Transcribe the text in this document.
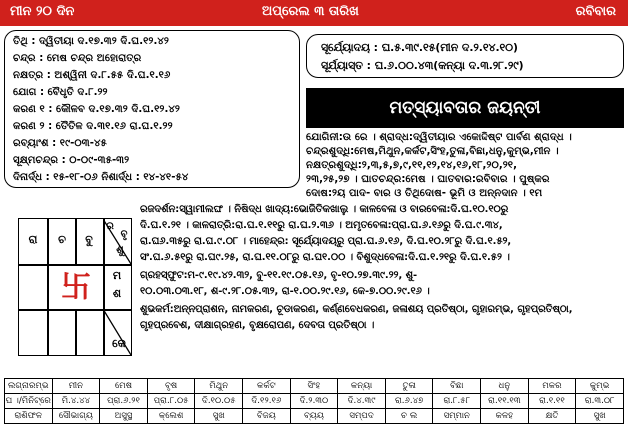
ମୀନ ୨୦ ଦିନ	ଅପ୍ରେଲ ୩ ତାରିଖ	ରବିବାର
ତିଥି : ଦ୍ୱିତୀୟା ଦ.୧୭.୩୨ ଦି.ଘ.୧୨.୪୨
ଚନ୍ଦ୍ର : ମେଷ ଚନ୍ଦ୍ର ଅହୋରାତ୍ର
ନକ୍ଷତ୍ର : ଅଶ୍ୱିନୀ ଦ.୮.୫୫ ଦି.ଘ.୧.୧୬
ଯୋଗ : ବୈଧୃତି ଦ.୮.୨୨
କରଣ ୧ : କୌଳବ ଦ.୧୭.୩୨ ଦି.ଘ.୧୨.୪୨
କରଣ ୨ : ତୈତିଳ ଦ.୩୧.୧୬ ରା.ଘ.୧.୨୨
ରବ୍ୟାଂଶ : ୧୯-୦୩-୪୫
ସୂକ୍ଷ୍ମଚନ୍ଦ୍ର : ୦-୦୯-୩୫-୩୨
ଦିନାର୍ଦ୍ଧ : ୧୫-୧୮-୦୬ ନିଶାର୍ଦ୍ଧ : ୧୪-୪୧-୫୪
ସୂର୍ଯ୍ୟୋଦୟ : ଘ.୫.୩୯.୧୫(ମୀନ ଦ.୨.୧୪.୧୦)
ସୂର୍ଯ୍ୟାସ୍ତ : ଘ.୬.୦୦.୪୩(କନ୍ୟା ଦ.୩.୨୮.୨୯)
ମତ୍ସ୍ୟାବତାର ଜୟନ୍ତୀ
ଯୋଗିନୀ:ଉ ରେ । ଶ୍ରାଦ୍ଧ:ଦ୍ୱିତୀୟାର ଏକୋଦ୍ଦିଷ୍ଟ ପାର୍ବଣ ଶ୍ରାଦ୍ଧ ।
ଚନ୍ଦ୍ରଶୁଦ୍ଧି:ମେଷ,ମିଥୁନ,କର୍କଟ,ସିଂହ,ତୁଳା,ବିଛା,ଧନୁ,କୁମ୍ଭ,ମୀନ ।
ନକ୍ଷତ୍ରଶୁଦ୍ଧି:୨,୩,୫,୭,୯,୧୧,୧୨,୧୪,୧୬,୧୮,୨୦,୨୧,
୨୩,୨୫,୨୭ । ଘାତଚନ୍ଦ୍ର:ମେଷ । ଘାତବାର:ରବିବାର । ପୁଷ୍କର
ଦୋଷ:୨ୟ ପାଦ- ବାର ଓ ତିଥିଦୋଷ- ଭୂମି ଓ ଅନ୍ନଦାନ । ୧ମ
ରଜଦର୍ଶନ:ସ୍ୱାମୀଲଙ୍ଘ । ନିଷିଦ୍ଧ ଖାଦ୍ୟ:ଭୋଜିତିକଖାଲୁ । କାଳବେଳା ଓ ବାରବେଳା:ଦି.ଘ.୧୦.୧୦ରୁ
ଦି.ଘ.୧.୨୧ । କାଳରାତ୍ରି:ରା.ଘ.୧.୧୧ରୁ ରା.ଘ.୨.୩୬ । ଅମୃତବେଳା:ପ୍ରା.ଘ.୬.୧୬ରୁ ଦି.ଘ.୯.୩୪,
ରା.ଘ୬.୩୫ରୁ ରା.ଘ.୯.୦୮ । ମାହେନ୍ଦ୍ର: ସୂର୍ଯ୍ୟୋଦୟରୁ ପ୍ରା.ଘ.୬.୧୬, ଦି.ଘ.୧୦.୨୮ରୁ ଦି.ଘ.୧.୫୨,
ସଂ.ଘ.୬.୫୧ରୁ ରା.ଘ୯.୨୫, ରା.ଘ.୧୧.୦୮ରୁ ରା.ଘ୧.୦୦ । ବିଶୁଦ୍ଧବେଳା:ଦି.ଘ.୧.୨୧ରୁ ଦି.ଘ.୧.୫୨ ।
ଗ୍ରହସ୍ଫୁଟ:ମ-୯.୧୯.୪୨.୩୨, ବୁ-୧୧.୧୯.୦୫.୧୬, ବୃ-୧୦.୨୭.୩୯.୨୨, ଶୁ-
୧୦.୦୩.୦୩.୧୮, ଶ-୯.୨୮.୦୫.୩୨, ରା-୧.୦୦.୨୯.୧୬, କେ-୭.୦୦.୨୯.୧୬ ।
ଶୁଭକର୍ମ:ଅନ୍ନପ୍ରାଶନ, ନାମକରଣ, ଚୂଡାକରଣ, କର୍ଣ୍ଣବେଧକରଣ, ଜଳାଶୟ ପ୍ରତିଷ୍ଠା, ଗୃହାରମ୍ଭ, ଗୃହପ୍ରତିଷ୍ଠା,
ଗୃହପ୍ରବେଶ, ଦୀକ୍ଷାଗ୍ରହଣ, ବୃକ୍ଷରୋପଣ, ଦେବତା ପ୍ରତିଷ୍ଠା ।
ରା	ଚ	ବୁ
ର
ଶୁ
ବୃ
ମ
ଶ
କେ
卐
ଲଗ୍ନାରମ୍ଭ	ମୀନ	ମେଷ	ବୃଷ	ମିଥୁନ	କର୍କଟ	ସିଂହ	କନ୍ୟା	ତୁଳା	ବିଛା	ଧନୁ	ମକର	କୁମ୍ଭ
ଘ ।/ମିନିଟ୍ରେ	ମି.୪.୪୪	ପ୍ରା.୬.୨୧	ପ୍ରା.୮.୦୫	ଦି.୧୦.୦୫	ଦି.୧୨.୧୬	ଦି.୨.୩୦	ଦି.୪.୩୯	ରା.୬.୪୭	ରା.୮.୫୮	ରା.୧୧.୧୩	ରା.୧.୧୧	ରା.୩.୦୮
ରାଶିଫଳ	ସୌଭାଗ୍ୟ	ଅସୁସ୍ଥ	କ୍ଲେଶ	ସୁଖ	ବିଜୟ	ବ୍ୟୟ	ସମ୍ପଦ	ଚ ଲ	ସମ୍ମାନ	କଳହ	କ୍ଷତି	ସୁଖ
